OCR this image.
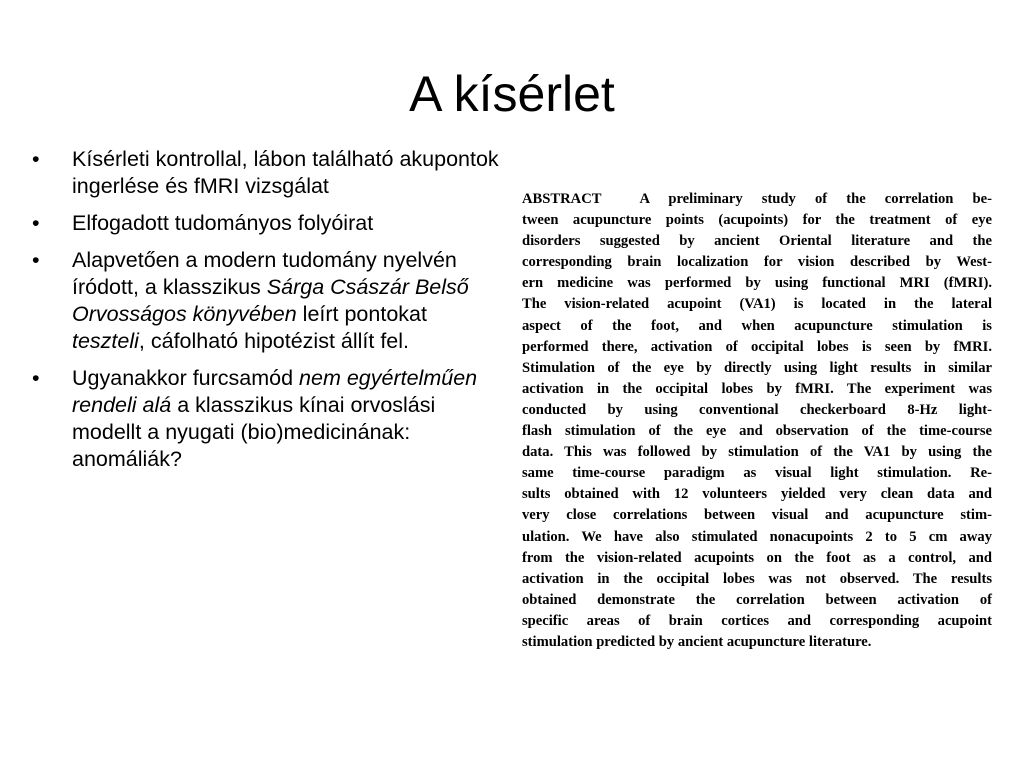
A kísérlet
• Kísérleti kontrollal, lábon található akupontok ingerlése és fMRI vizsgálat
• Elfogadott tudományos folyóirat
• Alapvetően a modern tudomány nyelvén íródott, a klasszikus Sárga Császár Belső Orvosságos könyvében leírt pontokat teszteli, cáfolható hipotézist állít fel.
• Ugyanakkor furcsamód nem egyértelműen rendeli alá a klasszikus kínai orvoslási modellt a nyugati (bio)medicinának: anomáliák?
ABSTRACT	A preliminary study of the correlation be-
tween acupuncture points (acupoints) for the treatment of eye
disorders suggested by ancient Oriental literature and the
corresponding brain localization for vision described by West-
ern medicine was performed by using functional MRI (fMRI).
The vision-related acupoint (VA1) is located in the lateral
aspect of the foot, and when acupuncture stimulation is
performed there, activation of occipital lobes is seen by fMRI.
Stimulation of the eye by directly using light results in similar
activation in the occipital lobes by fMRI. The experiment was
conducted by using conventional checkerboard 8-Hz light-
flash stimulation of the eye and observation of the time-course
data. This was followed by stimulation of the VA1 by using the
same time-course paradigm as visual light stimulation. Re-
sults obtained with 12 volunteers yielded very clean data and
very close correlations between visual and acupuncture stim-
ulation. We have also stimulated nonacupoints 2 to 5 cm away
from the vision-related acupoints on the foot as a control, and
activation in the occipital lobes was not observed. The results
obtained demonstrate the correlation between activation of
specific areas of brain cortices and corresponding acupoint
stimulation predicted by ancient acupuncture literature.
